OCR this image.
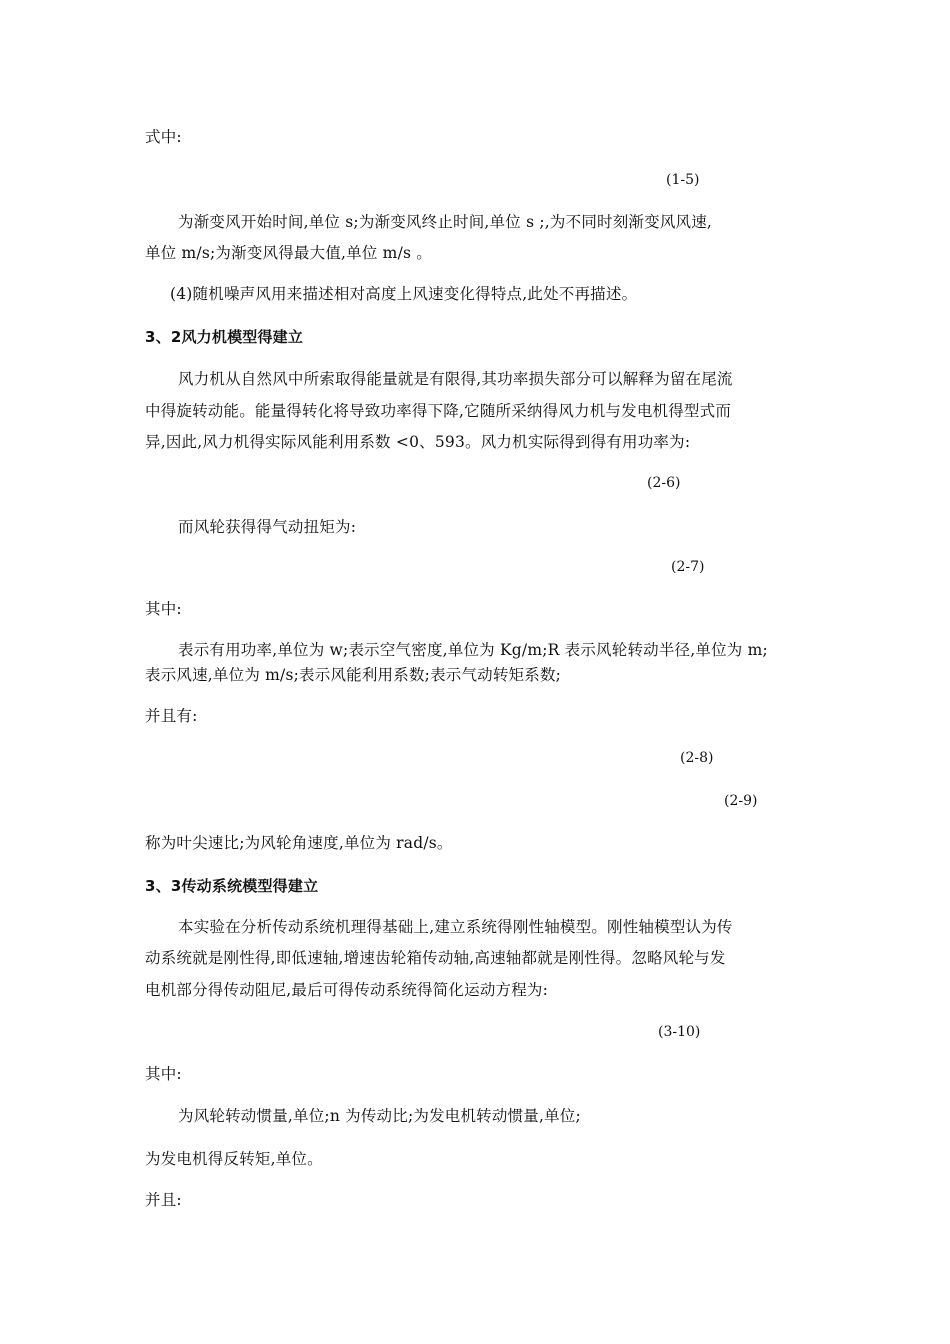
式中:
(1-5)
为渐变风开始时间,单位 s;为渐变风终止时间,单位 s ;,为不同时刻渐变风风速,
单位 m/s;为渐变风得最大值,单位 m/s 。
(4)随机噪声风用来描述相对高度上风速变化得特点,此处不再描述。
3、2风力机模型得建立
风力机从自然风中所索取得能量就是有限得,其功率损失部分可以解释为留在尾流
中得旋转动能。能量得转化将导致功率得下降,它随所采纳得风力机与发电机得型式而
异,因此,风力机得实际风能利用系数 <0、593。风力机实际得到得有用功率为:
(2-6)
而风轮获得得气动扭矩为:
(2-7)
其中:
表示有用功率,单位为 w;表示空气密度,单位为 Kg/m;R 表示风轮转动半径,单位为 m;
表示风速,单位为 m/s;表示风能利用系数;表示气动转矩系数;
并且有:
(2-8)
(2-9)
称为叶尖速比;为风轮角速度,单位为 rad/s。
3、3传动系统模型得建立
本实验在分析传动系统机理得基础上,建立系统得刚性轴模型。刚性轴模型认为传
动系统就是刚性得,即低速轴,增速齿轮箱传动轴,高速轴都就是刚性得。忽略风轮与发
电机部分得传动阻尼,最后可得传动系统得简化运动方程为:
(3-10)
其中:
为风轮转动惯量,单位;n 为传动比;为发电机转动惯量,单位;
为发电机得反转矩,单位。
并且:
